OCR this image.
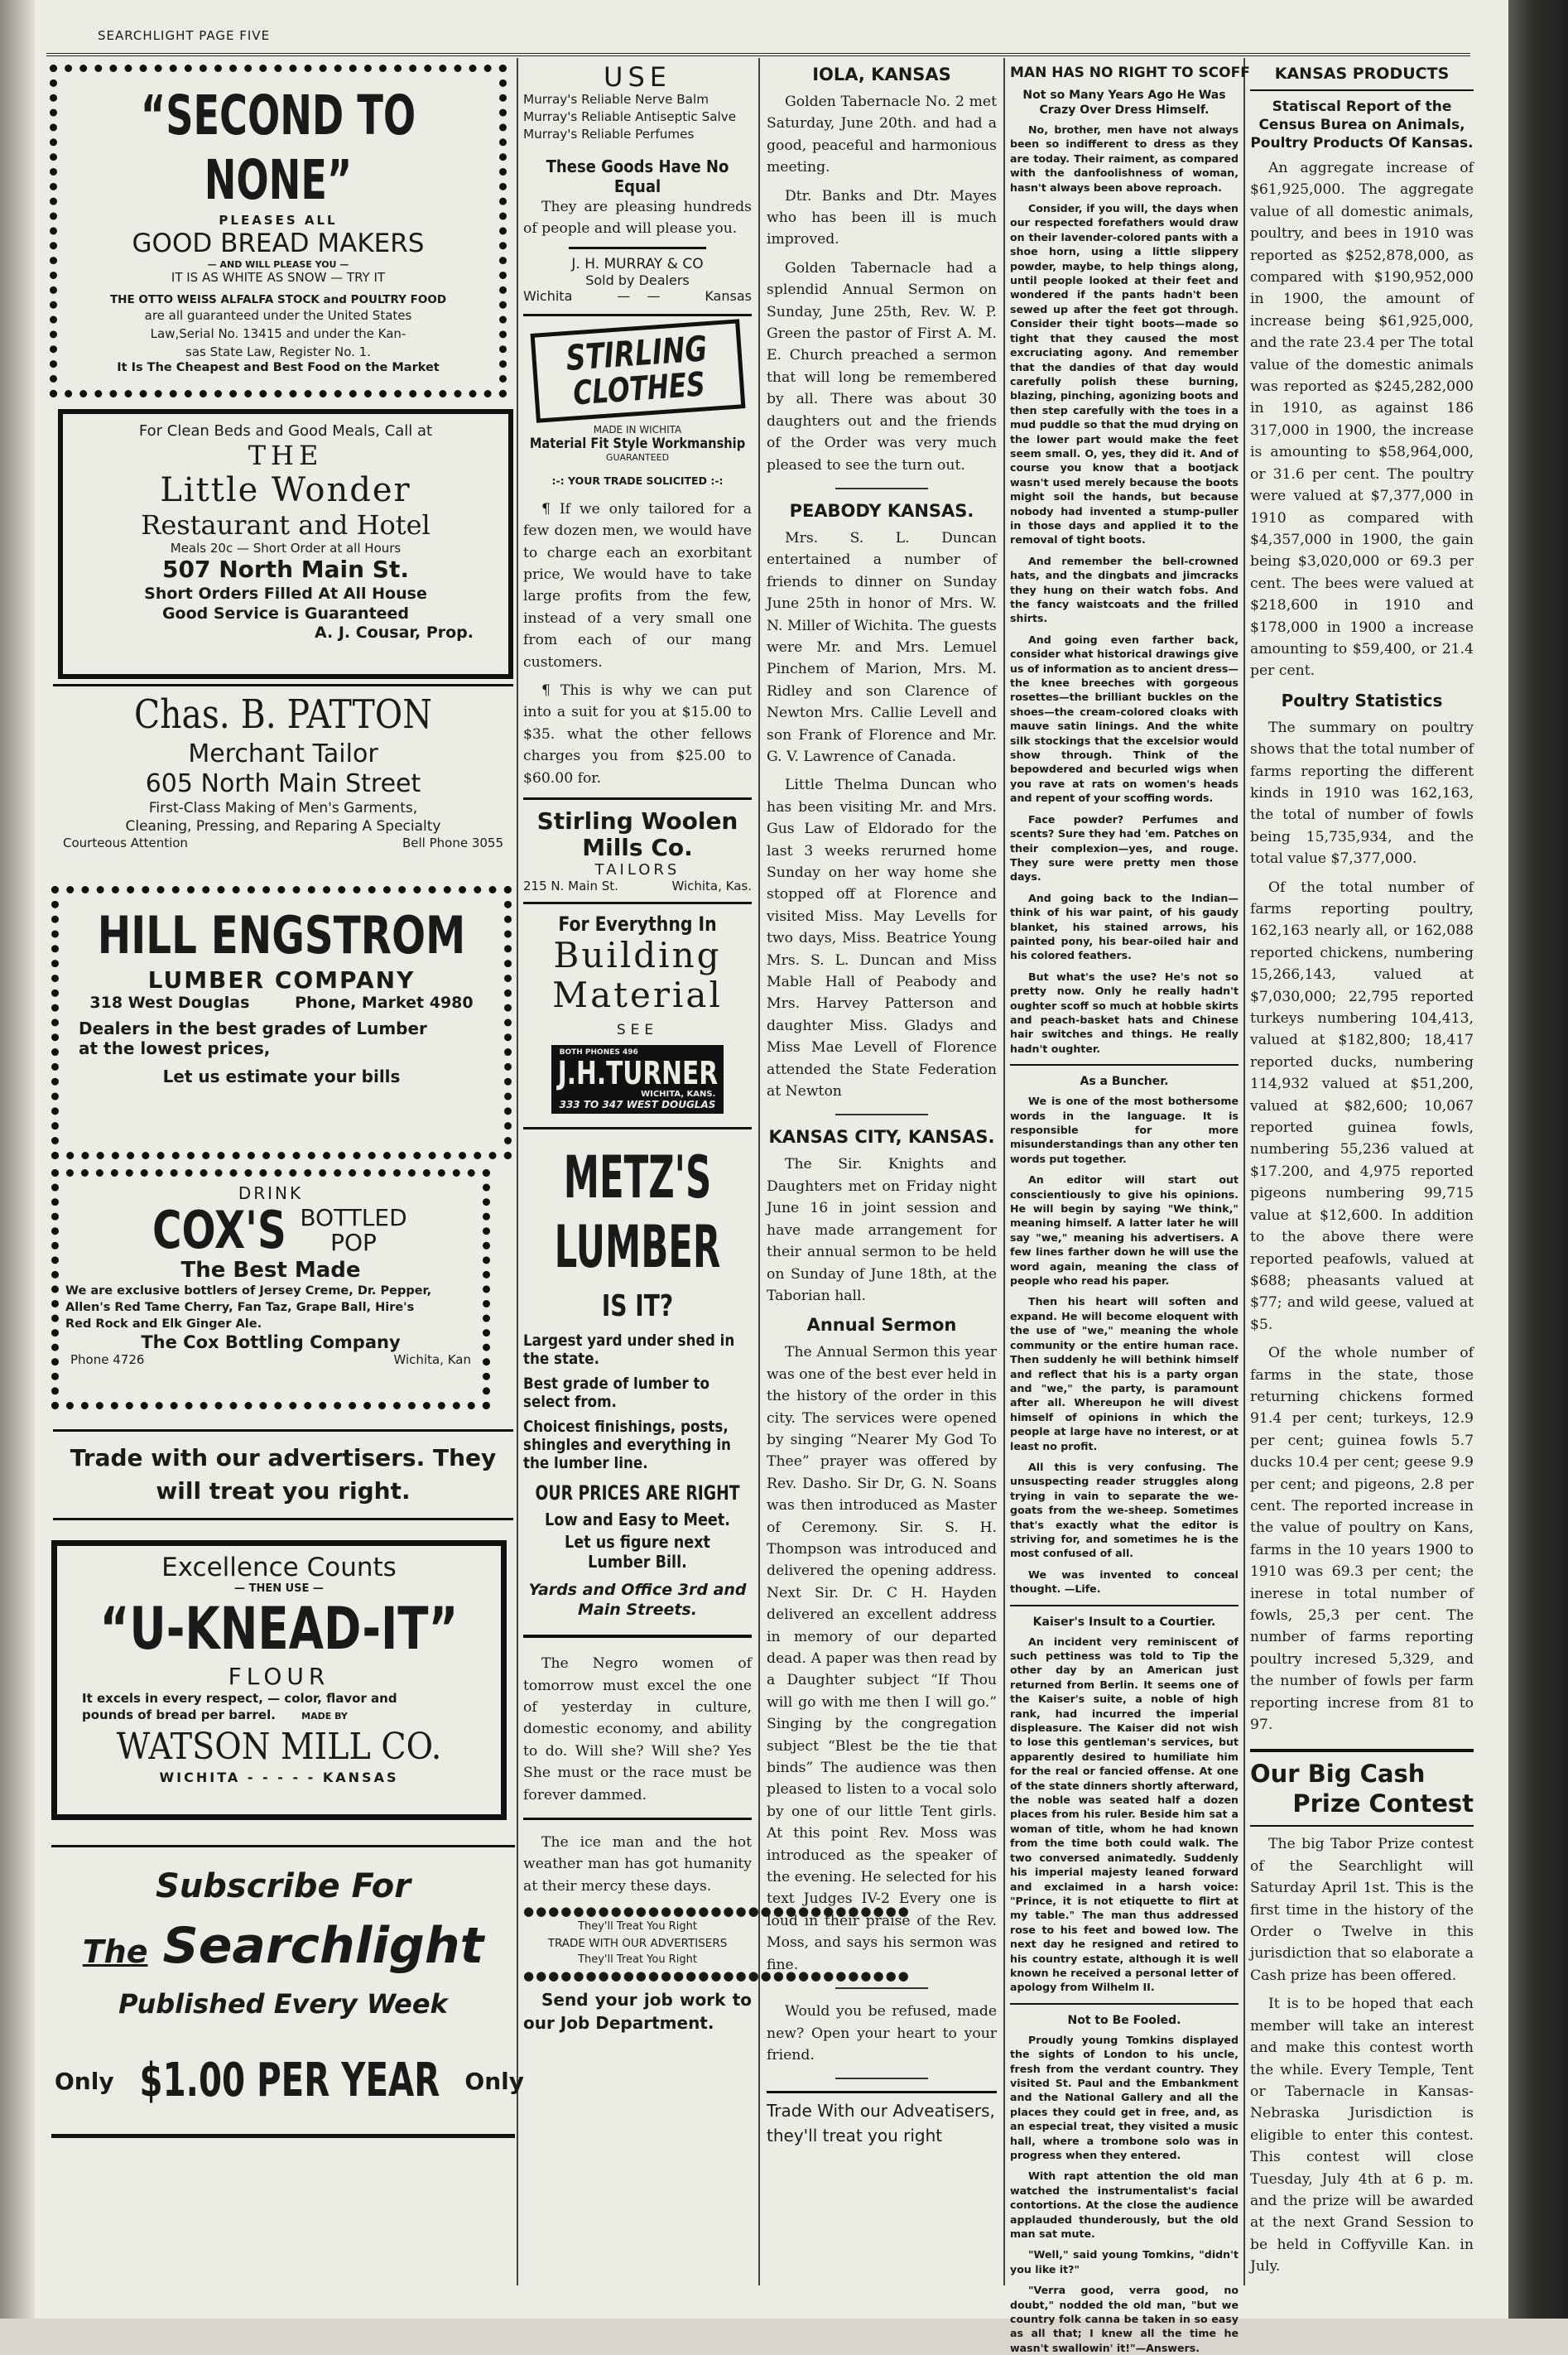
SEARCHLIGHT PAGE FIVE
“SECOND TO NONE”
PLEASES ALL
GOOD BREAD MAKERS
— AND WILL PLEASE YOU —
IT IS AS WHITE AS SNOW — TRY IT
THE OTTO WEISS ALFALFA STOCK and POULTRY FOOD
are all guaranteed under the United States
Law,Serial No. 13415 and under the Kan-
sas State Law, Register No. 1.
It Is The Cheapest and Best Food on the Market
For Clean Beds and Good Meals, Call at
THE
Little Wonder
Restaurant and Hotel
Meals 20c — Short Order at all Hours
507 North Main St.
Short Orders Filled At All House
Good Service is Guaranteed
A. J. Cousar, Prop.
Chas. B. PATTON
Merchant Tailor
605 North Main Street
First-Class Making of Men's Garments,
Cleaning, Pressing, and Reparing A Specialty
Courteous Attention	Bell Phone 3055
HILL ENGSTROM
LUMBER COMPANY
318 West Douglas	Phone, Market 4980
Dealers in the best grades of Lumber
at the lowest prices,
Let us estimate your bills
DRINK
COX'S BOTTLED
POP
The Best Made
We are exclusive bottlers of Jersey Creme, Dr. Pepper,
Allen's Red Tame Cherry, Fan Taz, Grape Ball, Hire's
Red Rock and Elk Ginger Ale.
The Cox Bottling Company
Phone 4726	Wichita, Kan
Trade with our advertisers. They will treat you right.
Excellence Counts
— THEN USE —
“U-KNEAD-IT”
FLOUR
It excels in every respect, — color, flavor and
pounds of bread per barrel.	MADE BY
WATSON MILL CO.
WICHITA - - - - - KANSAS
Subscribe For
The Searchlight
Published Every Week
Only $1.00 PER YEAR Only
USE
Murray's Reliable Nerve Balm
Murray's Reliable Antiseptic Salve
Murray's Reliable Perfumes
These Goods Have No Equal

They are pleasing hundreds of people and will please you.

J. H. MURRAY & CO
Sold by Dealers
Wichita	—    —	Kansas
STIRLING
CLOTHES
MADE IN WICHITA
Material Fit Style Workmanship
GUARANTEED
:-: YOUR TRADE SOLICITED :-:

¶ If we only tailored for a few dozen men, we would have to charge each an exorbitant price, We would have to take large profits from the few, instead of a very small one from each of our mang customers.

¶ This is why we can put into a suit for you at $15.00 to $35. what the other fellows charges you from $25.00 to $60.00 for.

Stirling Woolen Mills Co.
TAILORS
215 N. Main St.	Wichita, Kas.
For Everythng In
Building
Material
SEE
BOTH PHONES 496
J.H.TURNER
WICHITA, KANS.
333 TO 347 WEST DOUGLAS
METZ'S
LUMBER
IS IT?
Largest yard under shed in the state.
Best grade of lumber to select from.
Choicest finishings, posts, shingles and everything in the lumber line.
OUR PRICES ARE RIGHT
Low and Easy to Meet.
Let us figure next Lumber Bill.
Yards and Office 3rd and Main Streets.

The Negro women of tomorrow must excel the one of yesterday in culture, domestic economy, and ability to do. Will she? Will she? Yes She must or the race must be forever dammed.

The ice man and the hot weather man has got humanity at their mercy these days.

●●●●●●●●●●●●●●●●●●●●●●●●●●●●●●●
They'll Treat You Right
TRADE WITH OUR ADVERTISERS
They'll Treat You Right
●●●●●●●●●●●●●●●●●●●●●●●●●●●●●●●

Send your job work to our Job Department.

IOLA, KANSAS

Golden Tabernacle No. 2 met Saturday, June 20th. and had a good, peaceful and harmonious meeting.

Dtr. Banks and Dtr. Mayes who has been ill is much improved.

Golden Tabernacle had a splendid Annual Sermon on Sunday, June 25th, Rev. W. P. Green the pastor of First A. M. E. Church preached a sermon that will long be remembered by all. There was about 30 daughters out and the friends of the Order was very much pleased to see the turn out.

PEABODY KANSAS.

Mrs. S. L. Duncan entertained a number of friends to dinner on Sunday June 25th in honor of Mrs. W. N. Miller of Wichita. The guests were Mr. and Mrs. Lemuel Pinchem of Marion, Mrs. M. Ridley and son Clarence of Newton Mrs. Callie Levell and son Frank of Florence and Mr. G. V. Lawrence of Canada.

Little Thelma Duncan who has been visiting Mr. and Mrs. Gus Law of Eldorado for the last 3 weeks rerurned home Sunday on her way home she stopped off at Florence and visited Miss. May Levells for two days, Miss. Beatrice Young Mrs. S. L. Duncan and Miss Mable Hall of Peabody and Mrs. Harvey Patterson and daughter Miss. Gladys and Miss Mae Levell of Florence attended the State Federation at Newton

KANSAS CITY, KANSAS.

The Sir. Knights and Daughters met on Friday night June 16 in joint session and have made arrangement for their annual sermon to be held on Sunday of June 18th, at the Taborian hall.

Annual Sermon

The Annual Sermon this year was one of the best ever held in the history of the order in this city. The services were opened by singing “Nearer My God To Thee” prayer was offered by Rev. Dasho. Sir Dr, G. N. Soans was then introduced as Master of Ceremony. Sir. S. H. Thompson was introduced and delivered the opening address. Next Sir. Dr. C H. Hayden delivered an excellent address in memory of our departed dead. A paper was then read by a Daughter subject “If Thou will go with me then I will go.” Singing by the congregation subject “Blest be the tie that binds” The audience was then pleased to listen to a vocal solo by one of our little Tent girls. At this point Rev. Moss was introduced as the speaker of the evening. He selected for his text Judges IV-2 Every one is loud in their praise of the Rev. Moss, and says his sermon was fine.

Would you be refused, made new? Open your heart to your friend.

Trade With our Adveatisers, they'll treat you right

MAN HAS NO RIGHT TO SCOFF
Not so Many Years Ago He Was Crazy Over Dress Himself.

No, brother, men have not always been so indifferent to dress as they are today. Their raiment, as compared with the danfoolishness of woman, hasn't always been above reproach.

Consider, if you will, the days when our respected forefathers would draw on their lavender-colored pants with a shoe horn, using a little slippery powder, maybe, to help things along, until people looked at their feet and wondered if the pants hadn't been sewed up after the feet got through. Consider their tight boots—made so tight that they caused the most excruciating agony. And remember that the dandies of that day would carefully polish these burning, blazing, pinching, agonizing boots and then step carefully with the toes in a mud puddle so that the mud drying on the lower part would make the feet seem small. O, yes, they did it. And of course you know that a bootjack wasn't used merely because the boots might soil the hands, but because nobody had invented a stump-puller in those days and applied it to the removal of tight boots.

And remember the bell-crowned hats, and the dingbats and jimcracks they hung on their watch fobs. And the fancy waistcoats and the frilled shirts.

And going even farther back, consider what historical drawings give us of information as to ancient dress—the knee breeches with gorgeous rosettes—the brilliant buckles on the shoes—the cream-colored cloaks with mauve satin linings. And the white silk stockings that the excelsior would show through. Think of the bepowdered and becurled wigs when you rave at rats on women's heads and repent of your scoffing words.

Face powder? Perfumes and scents? Sure they had 'em. Patches on their complexion—yes, and rouge. They sure were pretty men those days.

And going back to the Indian—think of his war paint, of his gaudy blanket, his stained arrows, his painted pony, his bear-oiled hair and his colored feathers.

But what's the use? He's not so pretty now. Only he really hadn't oughter scoff so much at hobble skirts and peach-basket hats and Chinese hair switches and things. He really hadn't oughter.

As a Buncher.

We is one of the most bothersome words in the language. It is responsible for more misunderstandings than any other ten words put together.

An editor will start out conscientiously to give his opinions. He will begin by saying "We think," meaning himself. A latter later he will say "we," meaning his advertisers. A few lines farther down he will use the word again, meaning the class of people who read his paper.

Then his heart will soften and expand. He will become eloquent with the use of "we," meaning the whole community or the entire human race. Then suddenly he will bethink himself and reflect that his is a party organ and "we," the party, is paramount after all. Whereupon he will divest himself of opinions in which the people at large have no interest, or at least no profit.

All this is very confusing. The unsuspecting reader struggles along trying in vain to separate the we-goats from the we-sheep. Sometimes that's exactly what the editor is striving for, and sometimes he is the most confused of all.

We was invented to conceal thought. —Life.

Kaiser's Insult to a Courtier.

An incident very reminiscent of such pettiness was told to Tip the other day by an American just returned from Berlin. It seems one of the Kaiser's suite, a noble of high rank, had incurred the imperial displeasure. The Kaiser did not wish to lose this gentleman's services, but apparently desired to humiliate him for the real or fancied offense. At one of the state dinners shortly afterward, the noble was seated half a dozen places from his ruler. Beside him sat a woman of title, whom he had known from the time both could walk. The two conversed animatedly. Suddenly his imperial majesty leaned forward and exclaimed in a harsh voice: "Prince, it is not etiquette to flirt at my table." The man thus addressed rose to his feet and bowed low. The next day he resigned and retired to his country estate, although it is well known he received a personal letter of apology from Wilhelm II.

Not to Be Fooled.

Proudly young Tomkins displayed the sights of London to his uncle, fresh from the verdant country. They visited St. Paul and the Embankment and the National Gallery and all the places they could get in free, and, as an especial treat, they visited a music hall, where a trombone solo was in progress when they entered.

With rapt attention the old man watched the instrumentalist's facial contortions. At the close the audience applauded thunderously, but the old man sat mute.

"Well," said young Tomkins, "didn't you like it?"

"Verra good, verra good, no doubt," nodded the old man, "but we country folk canna be taken in so easy as all that; I knew all the time he wasn't swallowin' it!"—Answers.

KANSAS PRODUCTS
Statiscal Report of the Census Burea on Animals, Poultry Products Of Kansas.

An aggregate increase of $61,925,000. The aggregate value of all domestic animals, poultry, and bees in 1910 was reported as $252,878,000, as compared with $190,952,000 in 1900, the amount of increase being $61,925,000, and the rate 23.4 per The total value of the domestic animals was reported as $245,282,000 in 1910, as against 186 317,000 in 1900, the increase is amounting to $58,964,000, or 31.6 per cent. The poultry were valued at $7,377,000 in 1910 as compared with $4,357,000 in 1900, the gain being $3,020,000 or 69.3 per cent. The bees were valued at $218,600 in 1910 and $178,000 in 1900 a increase amounting to $59,400, or 21.4 per cent.

Poultry Statistics

The summary on poultry shows that the total number of farms reporting the different kinds in 1910 was 162,163, the total of number of fowls being 15,735,934, and the total value $7,377,000.

Of the total number of farms reporting poultry, 162,163 nearly all, or 162,088 reported chickens, numbering 15,266,143, valued at $7,030,000; 22,795 reported turkeys numbering 104,413, valued at $182,800; 18,417 reported ducks, numbering 114,932 valued at $51,200, valued at $82,600; 10,067 reported guinea fowls, numbering 55,236 valued at $17.200, and 4,975 reported pigeons numbering 99,715 value at $12,600. In addition to the above there were reported peafowls, valued at $688; pheasants valued at $77; and wild geese, valued at $5.

Of the whole number of farms in the state, those returning chickens formed 91.4 per cent; turkeys, 12.9 per cent; guinea fowls 5.7 ducks 10.4 per cent; geese 9.9 per cent; and pigeons, 2.8 per cent. The reported increase in the value of poultry on Kans, farms in the 10 years 1900 to 1910 was 69.3 per cent; the inerese in total number of fowls, 25,3 per cent. The number of farms reporting poultry incresed 5,329, and the number of fowls per farm reporting increse from 81 to 97.

Our Big Cash
Prize Contest

The big Tabor Prize contest of the Searchlight will Saturday April 1st. This is the first time in the history of the Order o Twelve in this jurisdiction that so elaborate a Cash prize has been offered.

It is to be hoped that each member will take an interest and make this contest worth the while. Every Temple, Tent or Tabernacle in Kansas-Nebraska Jurisdiction is eligible to enter this contest. This contest will close Tuesday, July 4th at 6 p. m. and the prize will be awarded at the next Grand Session to be held in Coffyville Kan. in July.
